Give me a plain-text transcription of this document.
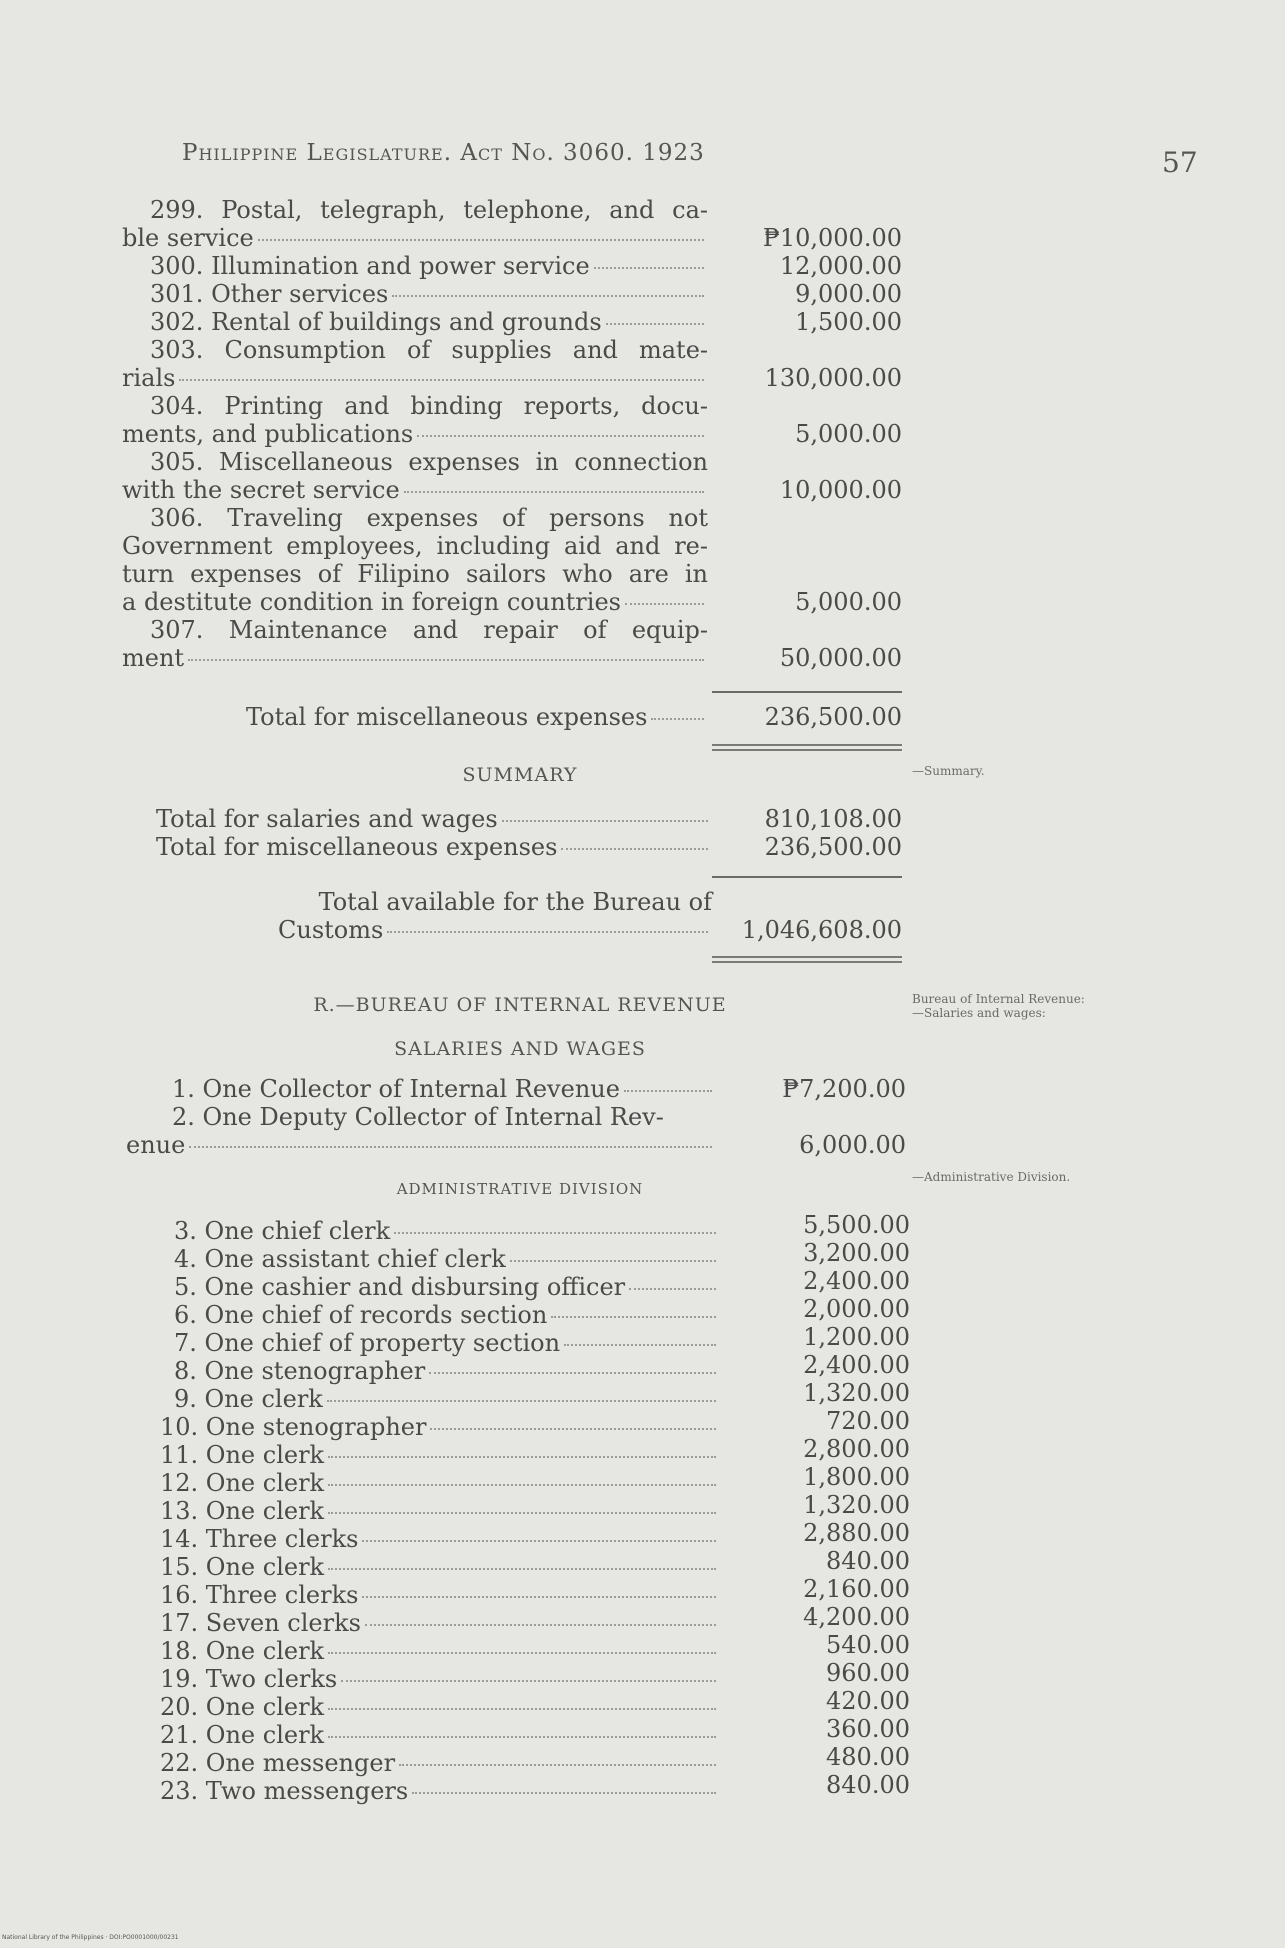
Philippine Legislature. Act No. 3060. 1923	57
299. Postal, telegraph, telephone, and ca-
ble service	₱10,000.00
300. Illumination and power service	12,000.00
301. Other services	9,000.00
302. Rental of buildings and grounds	1,500.00
303. Consumption of supplies and mate-
rials	130,000.00
304. Printing and binding reports, docu-
ments, and publications	5,000.00
305. Miscellaneous expenses in connection
with the secret service	10,000.00
306. Traveling expenses of persons not
Government employees, including aid and re-
turn expenses of Filipino sailors who are in
a destitute condition in foreign countries	5,000.00
307. Maintenance and repair of equip-
ment	50,000.00
Total for miscellaneous expenses	236,500.00
SUMMARY	—Summary.
Total for salaries and wages	810,108.00
Total for miscellaneous expenses	236,500.00
Total available for the Bureau of
Customs	1,046,608.00
R.—BUREAU OF INTERNAL REVENUE	Bureau of Internal Revenue:
—Salaries and wages:
SALARIES AND WAGES
1. One Collector of Internal Revenue	₱7,200.00
2. One Deputy Collector of Internal Rev-
enue	6,000.00
ADMINISTRATIVE DIVISION
—Administrative Division.
3. One chief clerk	5,500.00
4. One assistant chief clerk	3,200.00
5. One cashier and disbursing officer	2,400.00
6. One chief of records section	2,000.00
7. One chief of property section	1,200.00
8. One stenographer	2,400.00
9. One clerk	1,320.00
10. One stenographer	720.00
11. One clerk	2,800.00
12. One clerk	1,800.00
13. One clerk	1,320.00
14. Three clerks	2,880.00
15. One clerk	840.00
16. Three clerks	2,160.00
17. Seven clerks	4,200.00
18. One clerk	540.00
19. Two clerks	960.00
20. One clerk	420.00
21. One clerk	360.00
22. One messenger	480.00
23. Two messengers	840.00
National Library of the Philippines · DOI:PO0001000/00231
